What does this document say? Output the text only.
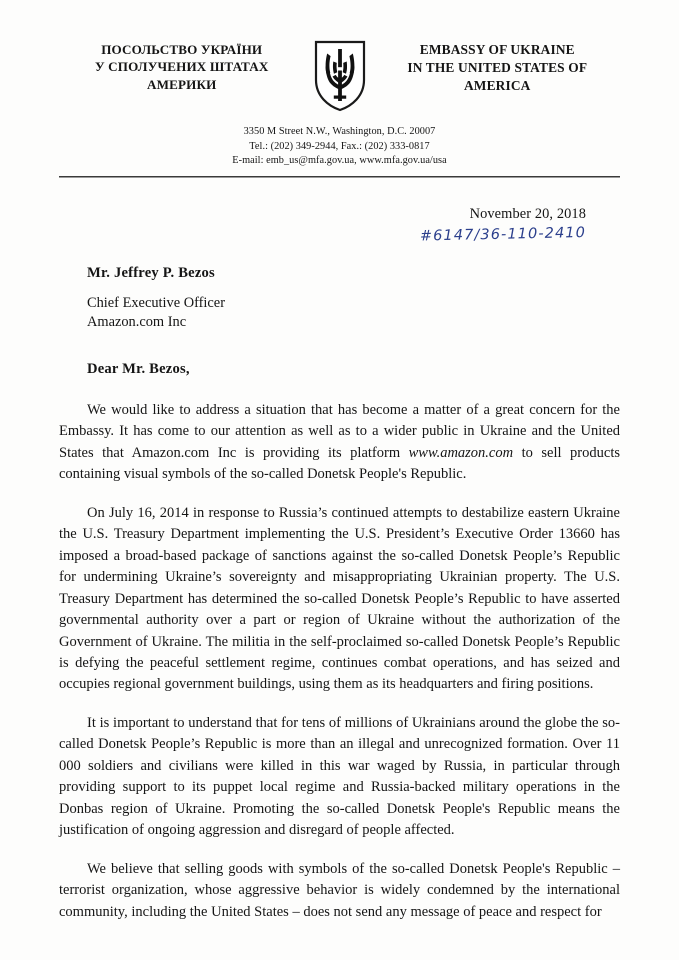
ПОСОЛЬСТВО УКРАЇНИ
У СПОЛУЧЕНИХ ШТАТАХ
АМЕРИКИ
EMBASSY OF UKRAINE
IN THE UNITED STATES OF
AMERICA
3350 M Street N.W., Washington, D.C. 20007
Tel.: (202) 349-2944, Fax.: (202) 333-0817
E-mail: emb_us@mfa.gov.ua, www.mfa.gov.ua/usa
November 20, 2018
#6147/36-110-2410
Mr. Jeffrey P. Bezos
Chief Executive Officer
Amazon.com Inc
Dear Mr. Bezos,

We would like to address a situation that has become a matter of a great concern for the Embassy. It has come to our attention as well as to a wider public in Ukraine and the United States that Amazon.com Inc is providing its platform www.amazon.com to sell products containing visual symbols of the so-called Donetsk People's Republic.

On July 16, 2014 in response to Russia’s continued attempts to destabilize eastern Ukraine the U.S. Treasury Department implementing the U.S. President’s Executive Order 13660 has imposed a broad-based package of sanctions against the so-called Donetsk People’s Republic for undermining Ukraine’s sovereignty and misappropriating Ukrainian property. The U.S. Treasury Department has determined the so-called Donetsk People’s Republic to have asserted governmental authority over a part or region of Ukraine without the authorization of the Government of Ukraine. The militia in the self-proclaimed so-called Donetsk People’s Republic is defying the peaceful settlement regime, continues combat operations, and has seized and occupies regional government buildings, using them as its headquarters and firing positions.

It is important to understand that for tens of millions of Ukrainians around the globe the so-called Donetsk People’s Republic is more than an illegal and unrecognized formation. Over 11 000 soldiers and civilians were killed in this war waged by Russia, in particular through providing support to its puppet local regime and Russia-backed military operations in the Donbas region of Ukraine. Promoting the so-called Donetsk People's Republic means the justification of ongoing aggression and disregard of people affected.

We believe that selling goods with symbols of the so-called Donetsk People's Republic – terrorist organization, whose aggressive behavior is widely condemned by the international community, including the United States – does not send any message of peace and respect for
